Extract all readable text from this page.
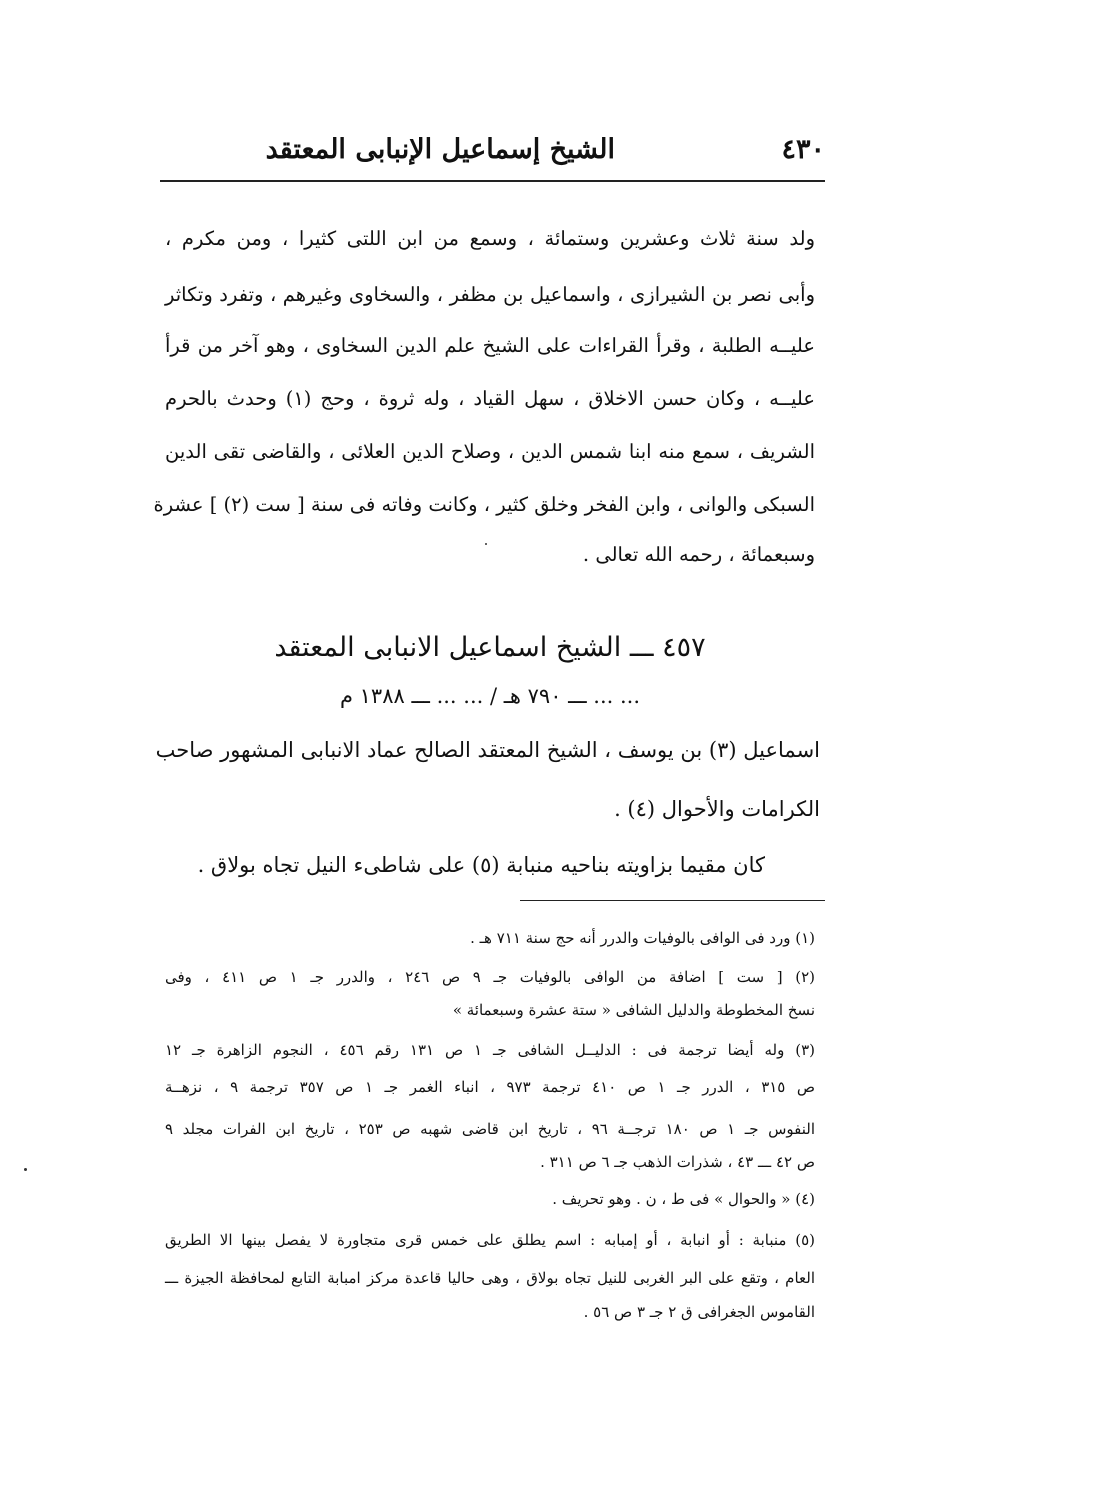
الشيخ إسماعيل الإنبابى المعتقد	٤٣٠
ولد سنة ثلاث وعشرين وستمائة ، وسمع من ابن اللتى كثيرا ، ومن مكرم ،
وأبى نصر بن الشيرازى ، واسماعيل بن مظفر ، والسخاوى وغيرهم ، وتفرد وتكاثر
عليــه الطلبة ، وقرأ القراءات على الشيخ علم الدين السخاوى ، وهو آخر من قرأ
عليــه ، وكان حسن الاخلاق ، سهل القياد ، وله ثروة ، وحج (١) وحدث بالحرم
الشريف ، سمع منه ابنا شمس الدين ، وصلاح الدين العلائى ، والقاضى تقى الدين
السبكى والوانى ، وابن الفخر وخلق كثير ، وكانت وفاته فى سنة [ ست (٢) ] عشرة
وسبعمائة ، رحمه الله تعالى .
٤٥٧ ـــ الشيخ اسماعيل الانبابى المعتقد
... ... ـــ ٧٩٠ هـ / ... ... ـــ ١٣٨٨ م
اسماعيل (٣) بن يوسف ، الشيخ المعتقد الصالح عماد الانبابى المشهور صاحب
الكرامات والأحوال (٤) .
كان مقيما بزاويته بناحيه منبابة (٥) على شاطىء النيل تجاه بولاق .
(١) ورد فى الوافى بالوفيات والدرر أنه حج سنة ٧١١ هـ .
(٢) [ ست ] اضافة من الوافى بالوفيات جـ ٩ ص ٢٤٦ ، والدرر جـ ١ ص ٤١١ ، وفى
نسخ المخطوطة والدليل الشافى « ستة عشرة وسبعمائة »
(٣) وله أيضا ترجمة فى : الدليــل الشافى جـ ١ ص ١٣١ رقم ٤٥٦ ، النجوم الزاهرة جـ ١٢
ص ٣١٥ ، الدرر جـ ١ ص ٤١٠ ترجمة ٩٧٣ ، انباء الغمر جـ ١ ص ٣٥٧ ترجمة ٩ ، نزهــة
النفوس جـ ١ ص ١٨٠ ترجــة ٩٦ ، تاريخ ابن قاضى شهبه ص ٢٥٣ ، تاريخ ابن الفرات مجلد ٩
ص ٤٢ ـــ ٤٣ ، شذرات الذهب جـ ٦ ص ٣١١ .
(٤) « والحوال » فى ط ، ن . وهو تحريف .
(٥) منبابة : أو انبابة ، أو إمبابه : اسم يطلق على خمس قرى متجاورة لا يفصل بينها الا الطريق
العام ، وتقع على البر الغربى للنيل تجاه بولاق ، وهى حاليا قاعدة مركز امبابة التابع لمحافظة الجيزة ـــ
القاموس الجغرافى ق ٢ جـ ٣ ص ٥٦ .
